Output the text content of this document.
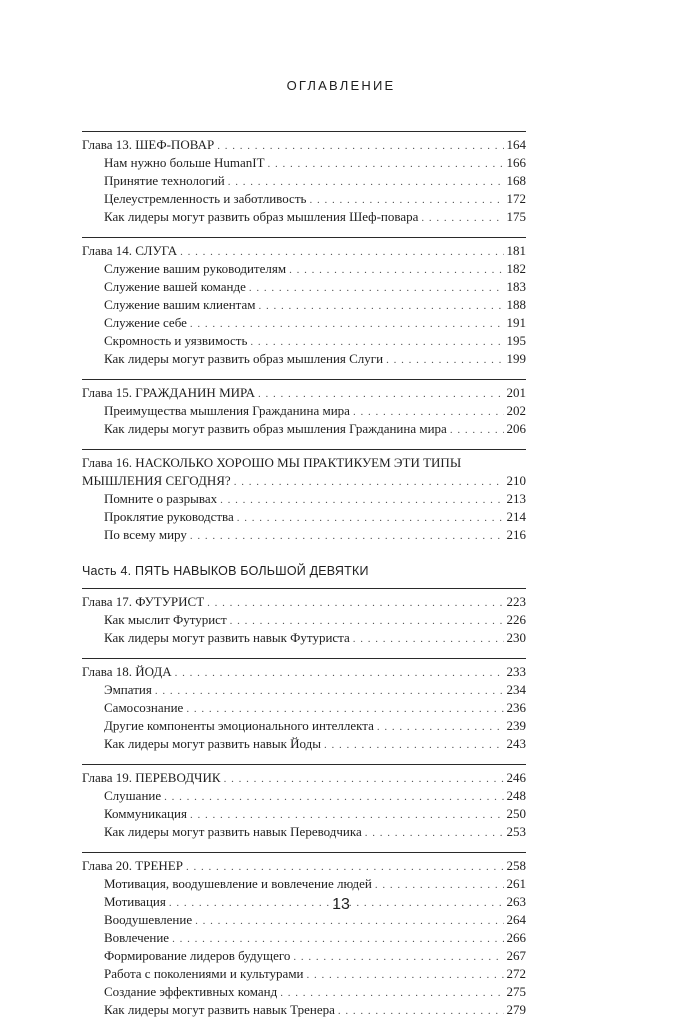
ОГЛАВЛЕНИЕ
Глава 13. ШЕФ-ПОВАР . . .	164
Нам нужно больше HumanIT . . .	166
Принятие технологий . . .	168
Целеустремленность и заботливость . . .	172
Как лидеры могут развить образ мышления Шеф-повара . . .	175
Глава 14. СЛУГА . . .	181
Служение вашим руководителям . . .	182
Служение вашей команде . . .	183
Служение вашим клиентам . . .	188
Служение себе . . .	191
Скромность и уязвимость . . .	195
Как лидеры могут развить образ мышления Слуги . . .	199
Глава 15. ГРАЖДАНИН МИРА . . .	201
Преимущества мышления Гражданина мира . . .	202
Как лидеры могут развить образ мышления Гражданина мира . . .	206
Глава 16. НАСКОЛЬКО ХОРОШО МЫ ПРАКТИКУЕМ ЭТИ ТИПЫ
МЫШЛЕНИЯ СЕГОДНЯ? . . .	210
Помните о разрывах . . .	213
Проклятие руководства . . .	214
По всему миру . . .	216
Часть 4. ПЯТЬ НАВЫКОВ БОЛЬШОЙ ДЕВЯТКИ
Глава 17. ФУТУРИСТ . . .	223
Как мыслит Футурист . . .	226
Как лидеры могут развить навык Футуриста . . .	230
Глава 18. ЙОДА . . .	233
Эмпатия . . .	234
Самосознание . . .	236
Другие компоненты эмоционального интеллекта . . .	239
Как лидеры могут развить навык Йоды . . .	243
Глава 19. ПЕРЕВОДЧИК . . .	246
Слушание . . .	248
Коммуникация . . .	250
Как лидеры могут развить навык Переводчика . . .	253
Глава 20. ТРЕНЕР . . .	258
Мотивация, воодушевление и вовлечение людей . . .	261
Мотивация . . .	263
Воодушевление . . .	264
Вовлечение . . .	266
Формирование лидеров будущего . . .	267
Работа с поколениями и культурами . . .	272
Создание эффективных команд . . .	275
Как лидеры могут развить навык Тренера . . .	279
13
